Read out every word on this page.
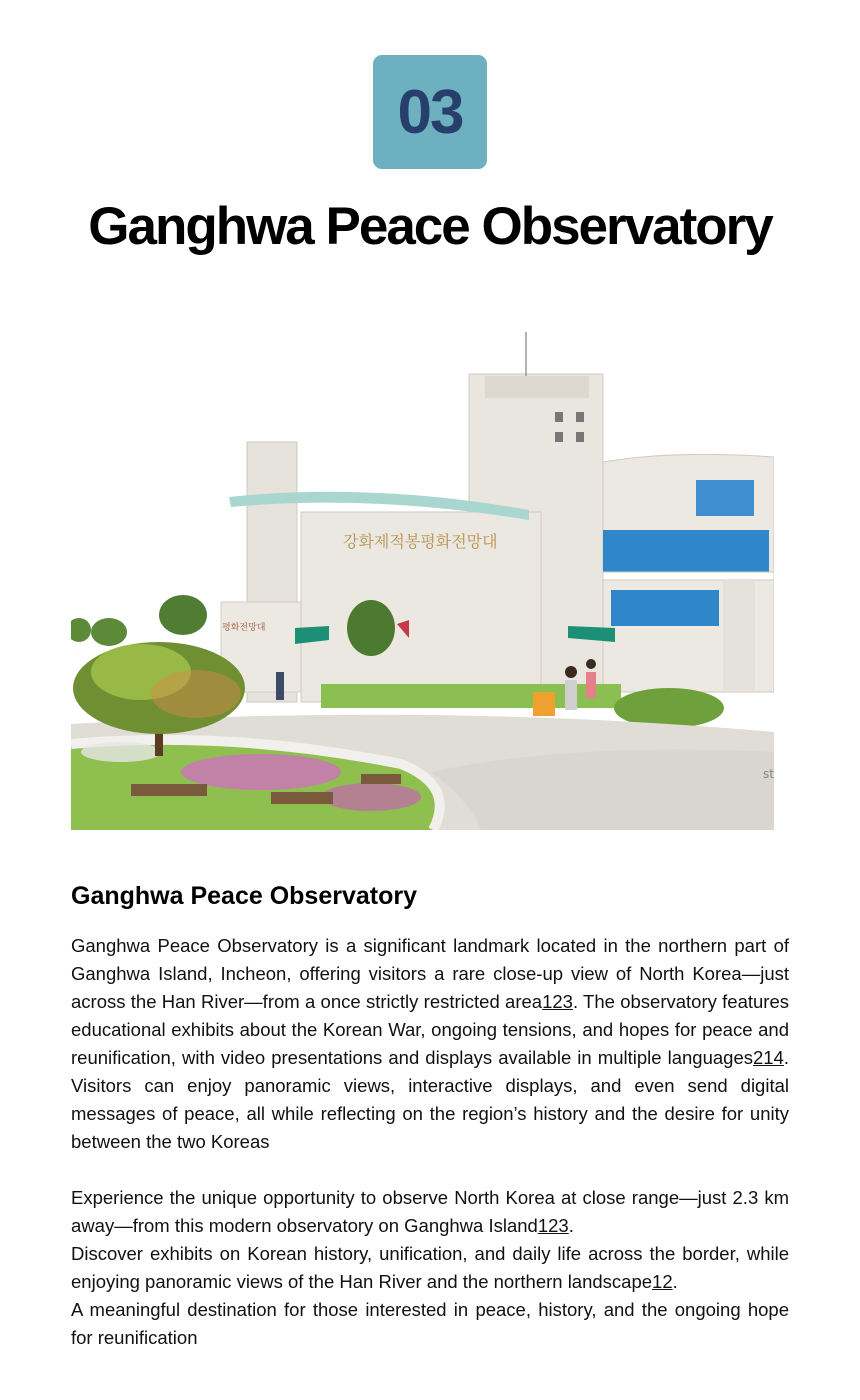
03
Ganghwa Peace Observatory
강화제적봉평화전망대
평화전망대
st
Ganghwa Peace Observatory

Ganghwa Peace Observatory is a significant landmark located in the northern part of Ganghwa Island, Incheon, offering visitors a rare close-up view of North Korea—just across the Han River—from a once strictly restricted area123. The observatory features educational exhibits about the Korean War, ongoing tensions, and hopes for peace and reunification, with video presentations and displays available in multiple languages214. Visitors can enjoy panoramic views, interactive displays, and even send digital messages of peace, all while reflecting on the region’s history and the desire for unity between the two Koreas

Experience the unique opportunity to observe North Korea at close range—just 2.3 km away—from this modern observatory on Ganghwa Island123.

Discover exhibits on Korean history, unification, and daily life across the border, while enjoying panoramic views of the Han River and the northern landscape12.

A meaningful destination for those interested in peace, history, and the ongoing hope for reunification
